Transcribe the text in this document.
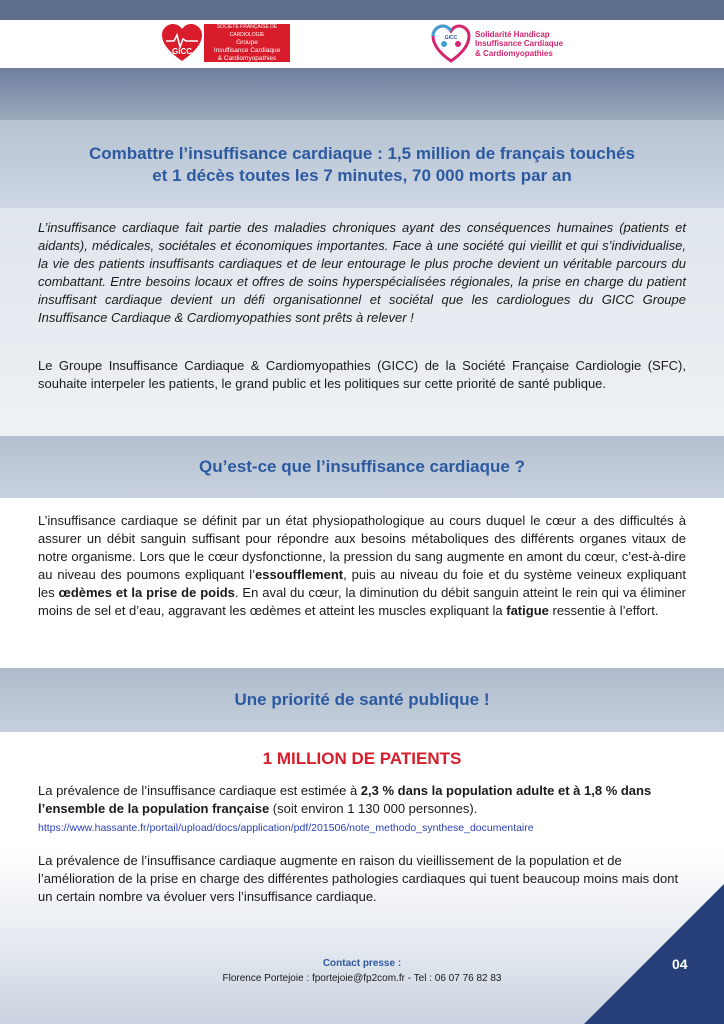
GICC
SOCIÉTÉ FRANÇAISE DE CARDIOLOGIE
Groupe
Insuffisance Cardiaque
& Cardiomyopathies
GICC Solidarité Handicap
Insuffisance Cardiaque
& Cardiomyopathies
Combattre l’insuffisance cardiaque : 1,5 million de français touchés
et 1 décès toutes les 7 minutes, 70 000 morts par an
L’insuffisance cardiaque fait partie des maladies chroniques ayant des conséquences humaines (patients et aidants), médicales, sociétales et économiques importantes. Face à une société qui vieillit et qui s’individualise, la vie des patients insuffisants cardiaques et de leur entourage le plus proche devient un véritable parcours du combattant. Entre besoins locaux et offres de soins hyperspécialisées régionales, la prise en charge du patient insuffisant cardiaque devient un défi organisationnel et sociétal que les cardiologues du GICC Groupe Insuffisance Cardiaque & Cardiomyopathies sont prêts à relever !
Le Groupe Insuffisance Cardiaque & Cardiomyopathies (GICC) de la Société Française Cardiologie (SFC), souhaite interpeler les patients, le grand public et les politiques sur cette priorité de santé publique.
Qu’est-ce que l’insuffisance cardiaque ?
L’insuffisance cardiaque se définit par un état physiopathologique au cours duquel le cœur a des difficultés à assurer un débit sanguin suffisant pour répondre aux besoins métaboliques des différents organes vitaux de notre organisme. Lors que le cœur dysfonctionne, la pression du sang augmente en amont du cœur, c’est-à-dire au niveau des poumons expliquant l’essoufflement, puis au niveau du foie et du système veineux expliquant les œdèmes et la prise de poids. En aval du cœur, la diminution du débit sanguin atteint le rein qui va éliminer moins de sel et d’eau, aggravant les œdèmes et atteint les muscles expliquant la fatigue ressentie à l’effort.
Une priorité de santé publique !
1 MILLION DE PATIENTS
La prévalence de l’insuffisance cardiaque est estimée à 2,3 % dans la population adulte et à 1,8 % dans l’ensemble de la population française (soit environ 1 130 000 personnes).
https://www.hassante.fr/portail/upload/docs/application/pdf/201506/note_methodo_synthese_documentaire
La prévalence de l’insuffisance cardiaque augmente en raison du vieillissement de la population et de l’amélioration de la prise en charge des différentes pathologies cardiaques qui tuent beaucoup moins mais dont un certain nombre va évoluer vers l’insuffisance cardiaque.
Contact presse :
Florence Portejoie : fportejoie@fp2com.fr - Tel : 06 07 76 82 83
04
